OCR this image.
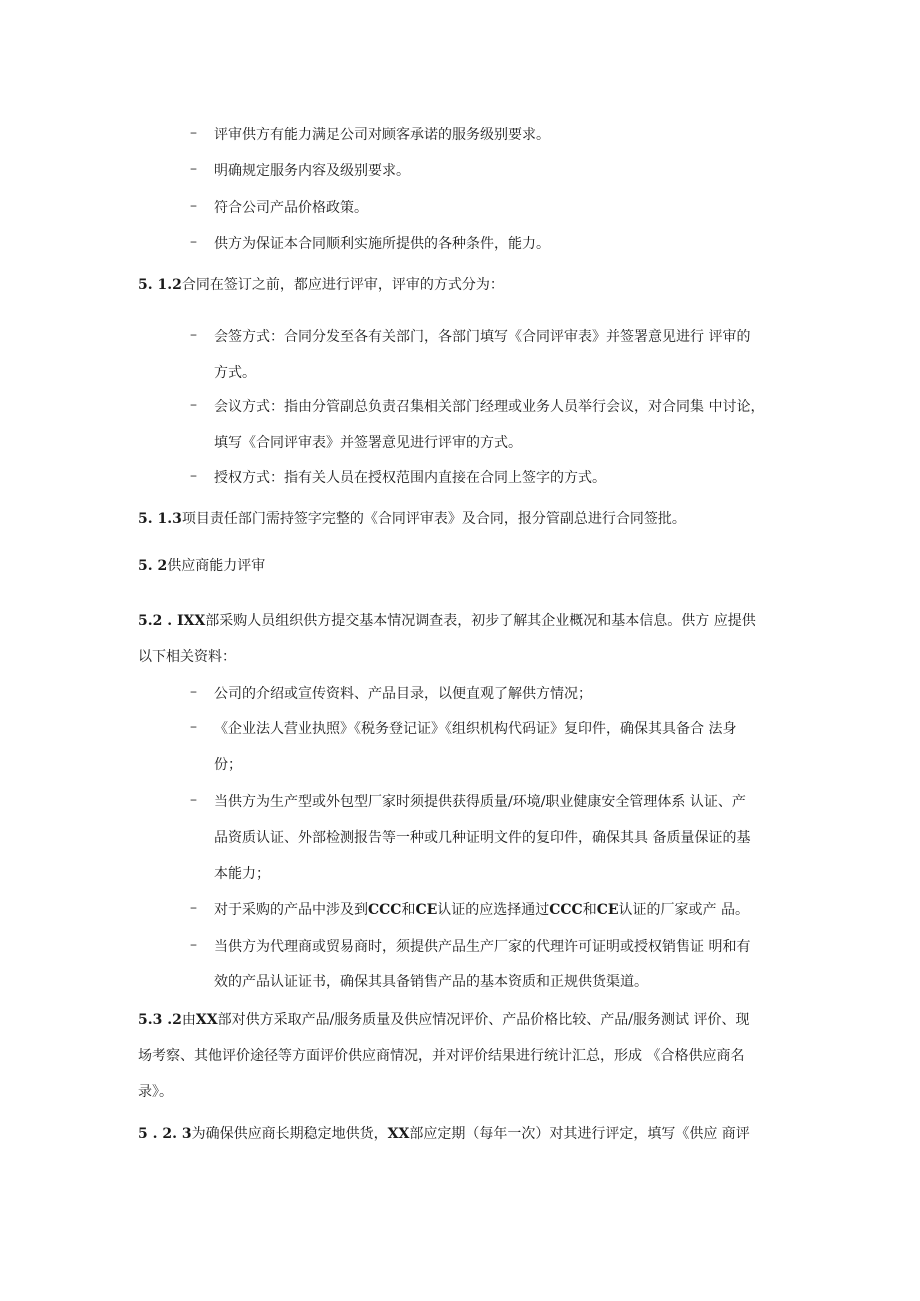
–	评审供方有能力满足公司对顾客承诺的服务级别要求。
–	明确规定服务内容及级别要求。
–	符合公司产品价格政策。
–	供方为保证本合同顺利实施所提供的各种条件，能力。
5. 1.2合同在签订之前，都应进行评审，评审的方式分为：
–	会签方式：合同分发至各有关部门，各部门填写《合同评审表》并签署意见进行 评审的
方式。
–	会议方式：指由分管副总负责召集相关部门经理或业务人员举行会议，对合同集 中讨论，
填写《合同评审表》并签署意见进行评审的方式。
–	授权方式：指有关人员在授权范围内直接在合同上签字的方式。
5. 1.3项目责任部门需持签字完整的《合同评审表》及合同，报分管副总进行合同签批。
5. 2供应商能力评审
5.2 . IXX部采购人员组织供方提交基本情况调查表，初步了解其企业概况和基本信息。供方 应提供
以下相关资料：
–	公司的介绍或宣传资料、产品目录，以便直观了解供方情况；
–	《企业法人营业执照》《税务登记证》《组织机构代码证》复印件，确保其具备合 法身
份；
–	当供方为生产型或外包型厂家时须提供获得质量/环境/职业健康安全管理体系 认证、产
品资质认证、外部检测报告等一种或几种证明文件的复印件，确保其具 备质量保证的基
本能力；
–	对于采购的产品中涉及到CCC和CE认证的应选择通过CCC和CE认证的厂家或产 品。
–	当供方为代理商或贸易商时，须提供产品生产厂家的代理许可证明或授权销售证 明和有
效的产品认证证书，确保其具备销售产品的基本资质和正规供货渠道。
5.3 .2由XX部对供方采取产品/服务质量及供应情况评价、产品价格比较、产品/服务测试 评价、现
场考察、其他评价途径等方面评价供应商情况，并对评价结果进行统计汇总，形成 《合格供应商名
录》。
5 . 2. 3为确保供应商长期稳定地供货，XX部应定期（每年一次）对其进行评定，填写《供应 商评
